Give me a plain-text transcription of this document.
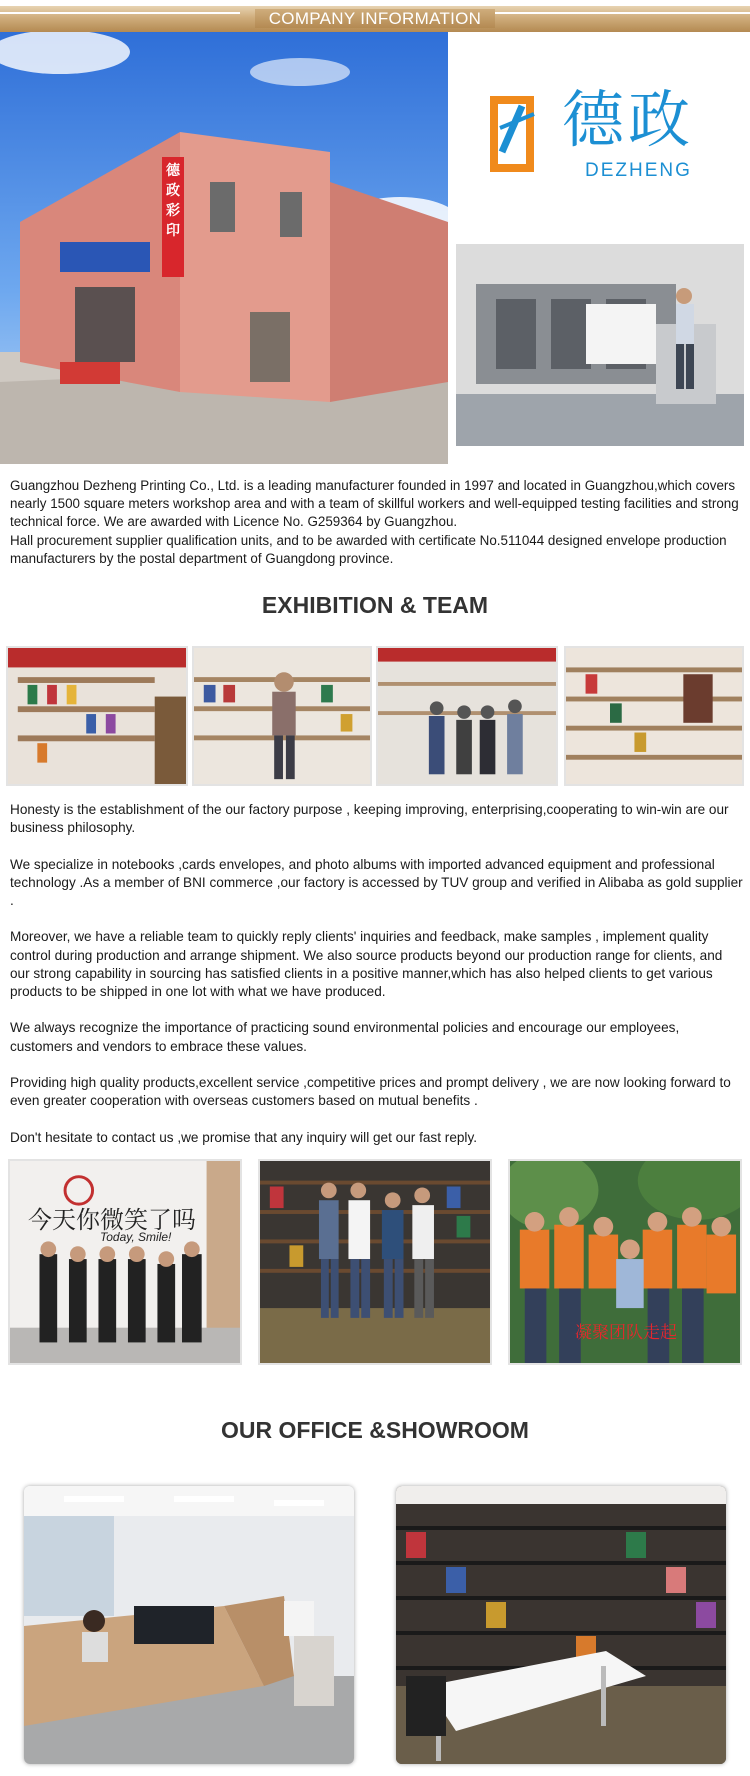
COMPANY INFORMATION
德政彩印
德政
DEZHENG

Guangzhou Dezheng Printing Co., Ltd. is a leading manufacturer founded in 1997 and located in Guangzhou,which covers nearly 1500 square meters workshop area and with a team of skillful workers and well-equipped testing facilities and strong technical force. We are awarded with Licence No. G259364 by Guangzhou.

Hall procurement supplier qualification units, and to be awarded with certificate No.511044 designed envelope production manufacturers by the postal department of Guangdong province.

EXHIBITION & TEAM

Honesty is the establishment of the our factory purpose , keeping improving, enterprising,cooperating to win-win are our business philosophy.

We specialize in notebooks ,cards envelopes, and photo albums with imported advanced equipment and professional technology .As a member of BNI commerce ,our factory is accessed by TUV group and verified in Alibaba as gold supplier .

Moreover, we have a reliable team to quickly reply clients' inquiries and feedback, make samples , implement quality control during production and arrange shipment. We also source products beyond our production range for clients, and our strong capability in sourcing has satisfied clients in a positive manner,which has also helped clients to get various products to be shipped in one lot with what we have produced.

We always recognize the importance of practicing sound environmental policies and encourage our employees, customers and vendors to embrace these values.

Providing high quality products,excellent service ,competitive prices and prompt delivery , we are now looking forward to even greater cooperation with overseas customers based on mutual benefits .

Don't hesitate to contact us ,we promise that any inquiry will get our fast reply.

今天你微笑了吗
Today, Smile!
凝聚团队走起
OUR OFFICE &SHOWROOM
